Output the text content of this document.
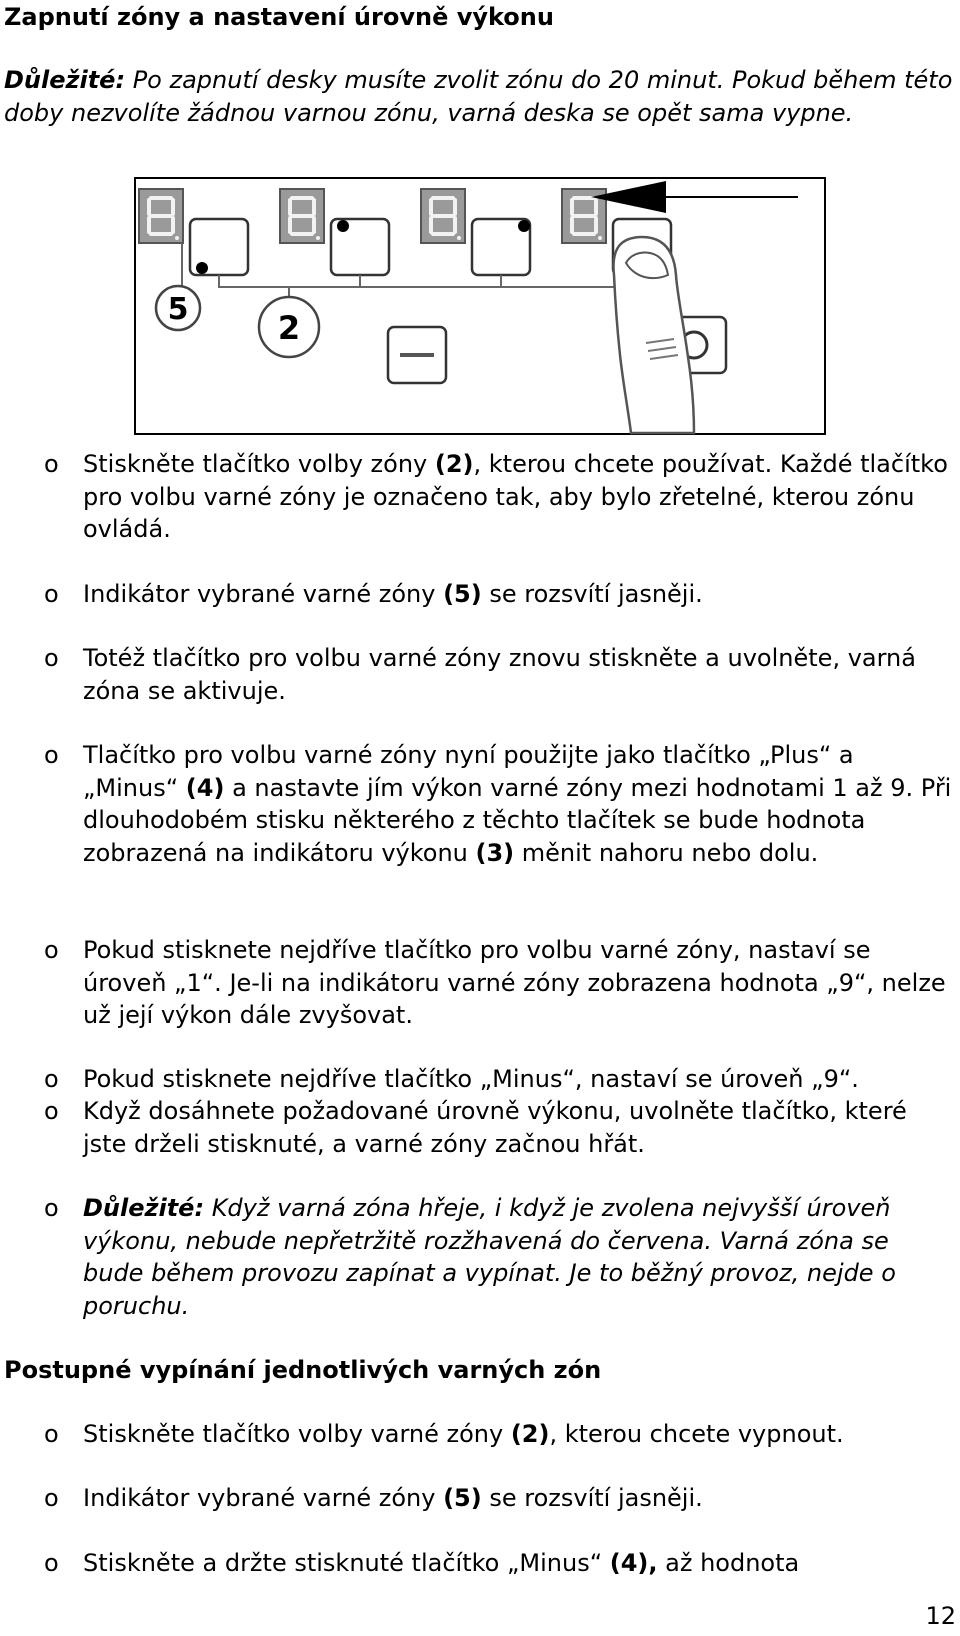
Zapnutí zóny a nastavení úrovně výkonu

Důležité: Po zapnutí desky musíte zvolit zónu do 20 minut. Pokud během této doby nezvolíte žádnou varnou zónu, varná deska se opět sama vypne.

5	2
o Stiskněte tlačítko volby zóny (2), kterou chcete používat. Každé tlačítko pro volbu varné zóny je označeno tak, aby bylo zřetelné, kterou zónu ovládá.
o Indikátor vybrané varné zóny (5) se rozsvítí jasněji.
o Totéž tlačítko pro volbu varné zóny znovu stiskněte a uvolněte, varná zóna se aktivuje.
o Tlačítko pro volbu varné zóny nyní použijte jako tlačítko „Plus“ a „Minus“ (4) a nastavte jím výkon varné zóny mezi hodnotami 1 až 9. Při dlouhodobém stisku některého z těchto tlačítek se bude hodnota zobrazená na indikátoru výkonu (3) měnit nahoru nebo dolu.
o Pokud stisknete nejdříve tlačítko pro volbu varné zóny, nastaví se úroveň „1“. Je-li na indikátoru varné zóny zobrazena hodnota „9“, nelze už její výkon dále zvyšovat.
o Pokud stisknete nejdříve tlačítko „Minus“, nastaví se úroveň „9“.
o Když dosáhnete požadované úrovně výkonu, uvolněte tlačítko, které jste drželi stisknuté, a varné zóny začnou hřát.
o Důležité: Když varná zóna hřeje, i když je zvolena nejvyšší úroveň výkonu, nebude nepřetržitě rozžhavená do červena. Varná zóna se bude během provozu zapínat a vypínat. Je to běžný provoz, nejde o poruchu.
Postupné vypínání jednotlivých varných zón
o Stiskněte tlačítko volby varné zóny (2), kterou chcete vypnout.
o Indikátor vybrané varné zóny (5) se rozsvítí jasněji.
o Stiskněte a držte stisknuté tlačítko „Minus“ (4), až hodnota
12
